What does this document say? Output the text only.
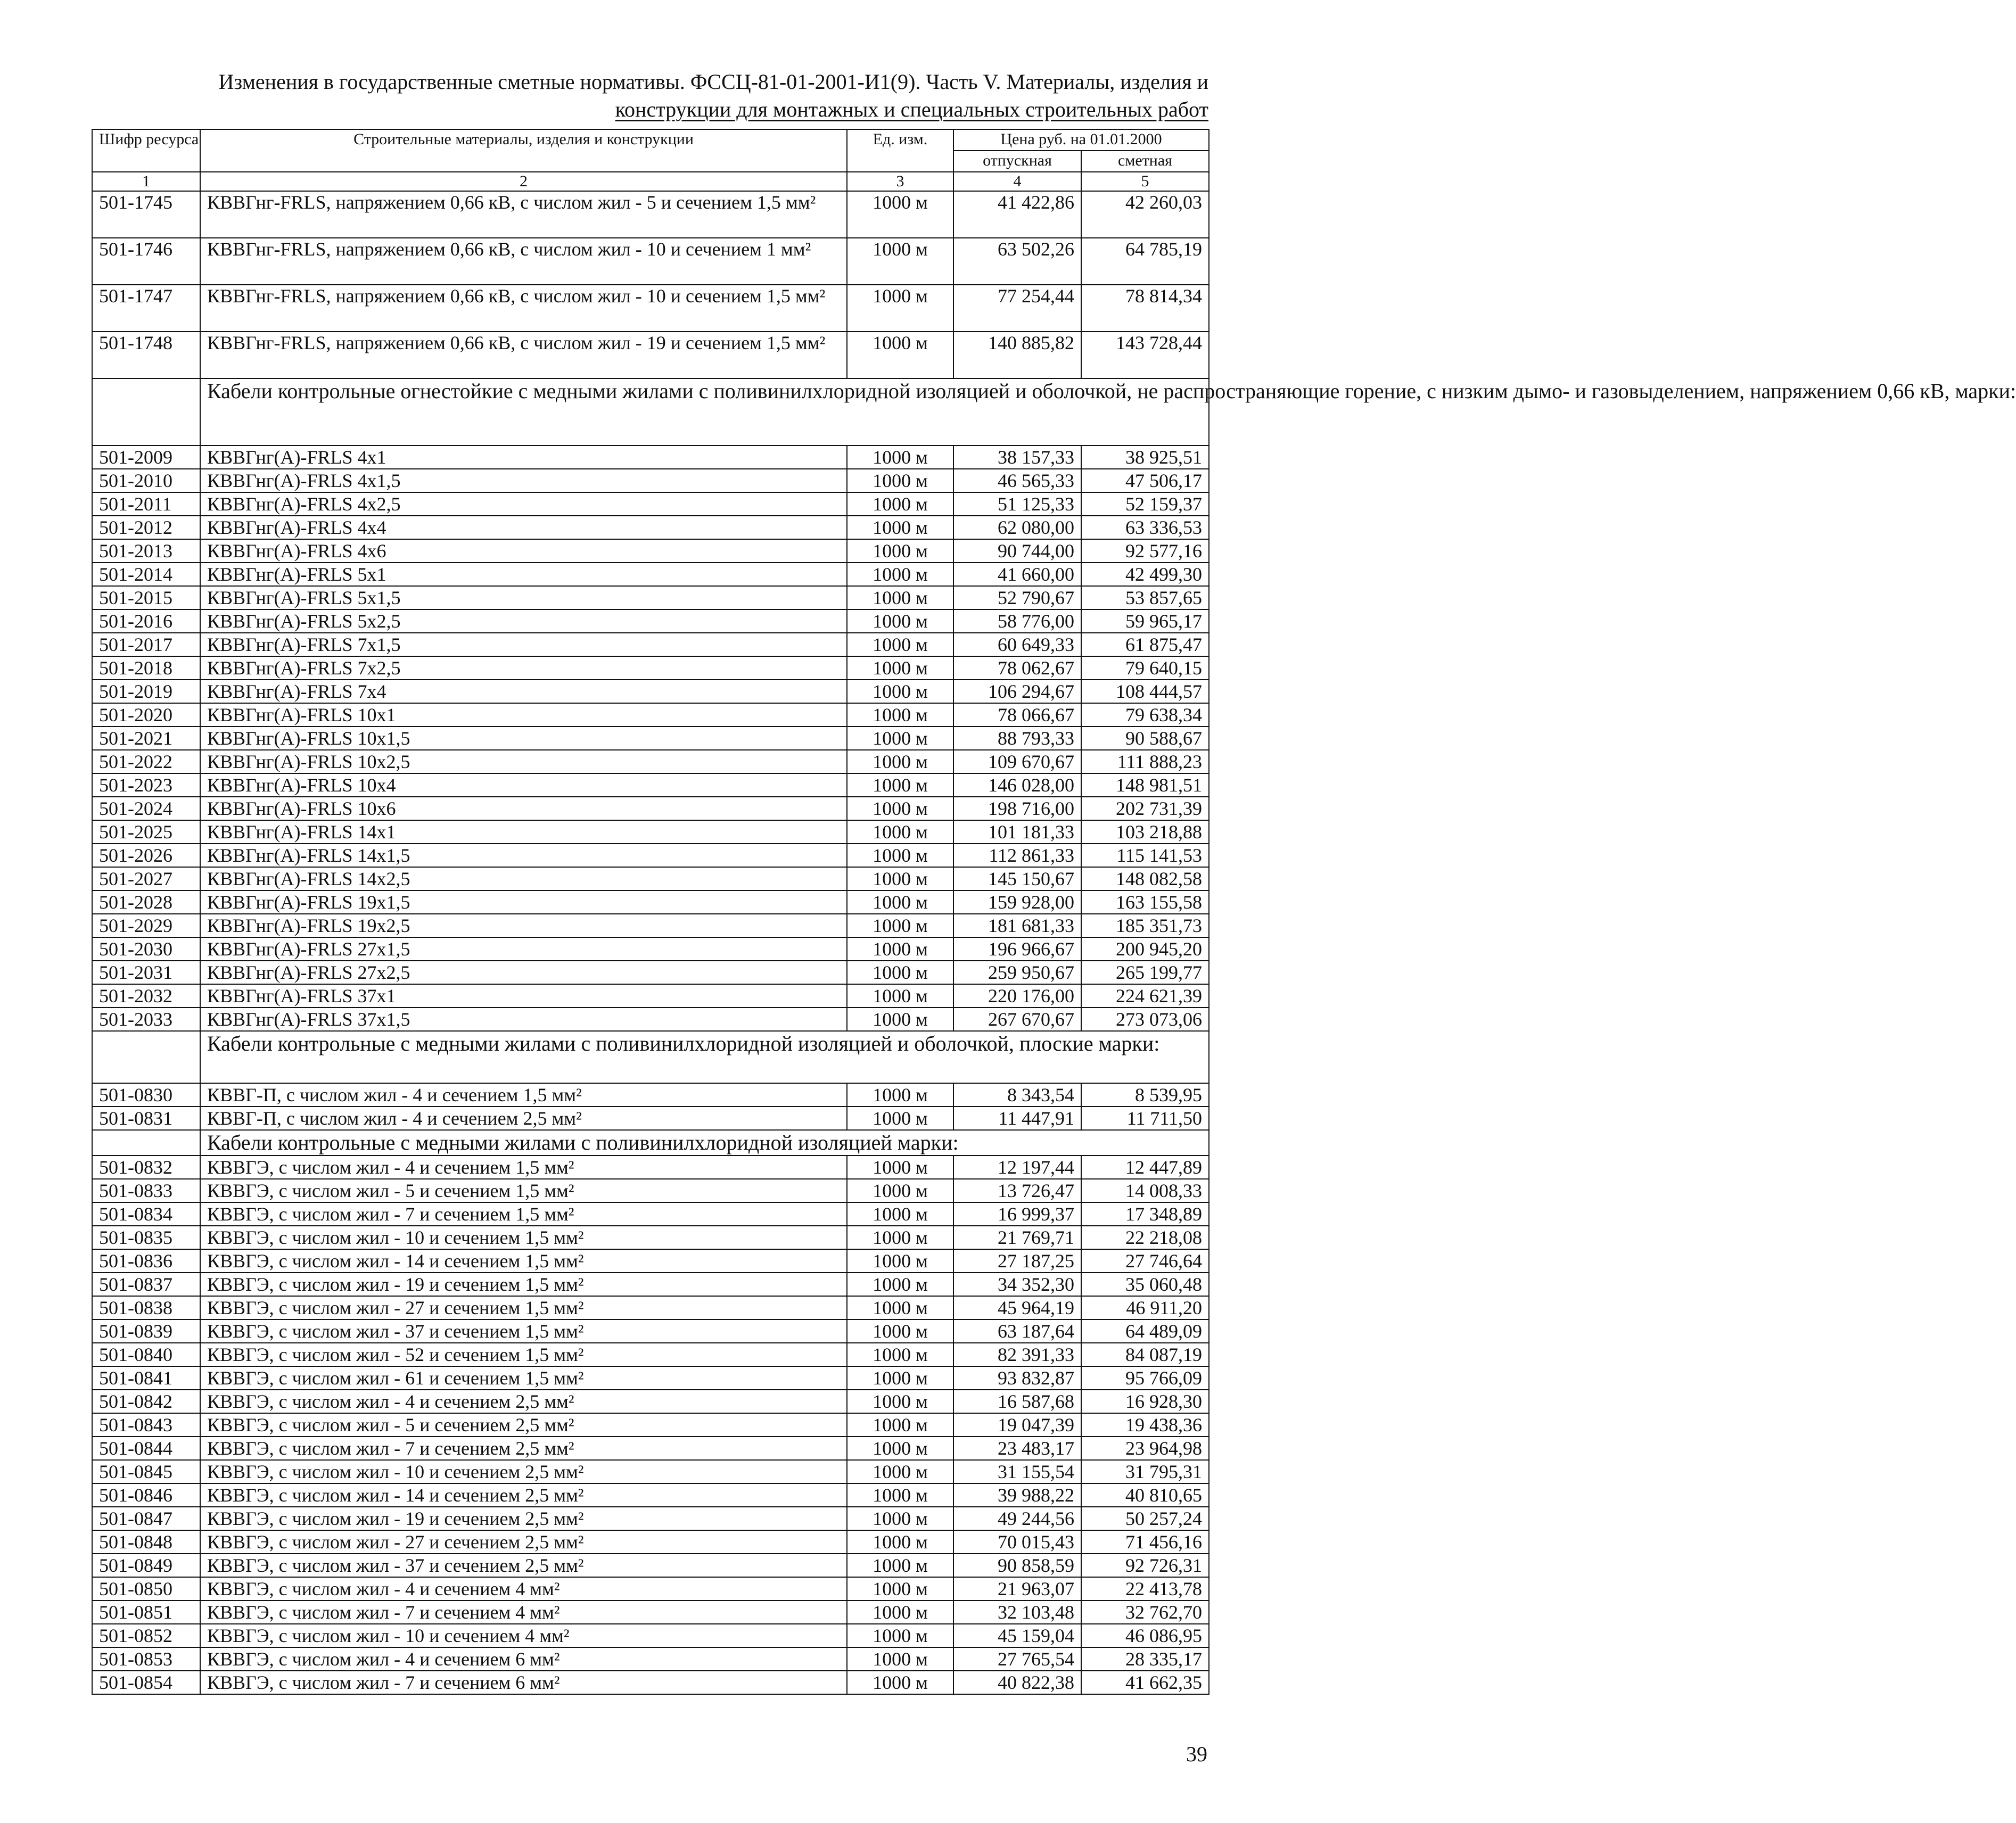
Изменения в государственные сметные нормативы. ФССЦ-81-01-2001-И1(9). Часть V. Материалы, изделия и
конструкции для монтажных и специальных строительных работ
Шифр ресурса	Строительные материалы, изделия и конструкции	Ед. изм.	Цена руб. на 01.01.2000	
			отпускная	сметная
1	2	3	4	5
501-1745	КВВГнг-FRLS, напряжением 0,66 кВ, с числом жил - 5 и сечением 1,5 мм²	1000 м	41 422,86	42 260,03
501-1746	КВВГнг-FRLS, напряжением 0,66 кВ, с числом жил - 10 и сечением 1 мм²	1000 м	63 502,26	64 785,19
501-1747	КВВГнг-FRLS, напряжением 0,66 кВ, с числом жил - 10 и сечением 1,5 мм²	1000 м	77 254,44	78 814,34
501-1748	КВВГнг-FRLS, напряжением 0,66 кВ, с числом жил - 19 и сечением 1,5 мм²	1000 м	140 885,82	143 728,44
	Кабели контрольные огнестойкие с медными жилами с поливинилхлоридной изоляцией и оболочкой, не распространяющие горение, с низким дымо- и газовыделением, напряжением 0,66 кВ, марки:			
501-2009	КВВГнг(А)-FRLS 4x1	1000 м	38 157,33	38 925,51
501-2010	КВВГнг(А)-FRLS 4x1,5	1000 м	46 565,33	47 506,17
501-2011	КВВГнг(А)-FRLS 4x2,5	1000 м	51 125,33	52 159,37
501-2012	КВВГнг(А)-FRLS 4x4	1000 м	62 080,00	63 336,53
501-2013	КВВГнг(А)-FRLS 4x6	1000 м	90 744,00	92 577,16
501-2014	КВВГнг(А)-FRLS 5x1	1000 м	41 660,00	42 499,30
501-2015	КВВГнг(А)-FRLS 5x1,5	1000 м	52 790,67	53 857,65
501-2016	КВВГнг(А)-FRLS 5x2,5	1000 м	58 776,00	59 965,17
501-2017	КВВГнг(А)-FRLS 7x1,5	1000 м	60 649,33	61 875,47
501-2018	КВВГнг(А)-FRLS 7x2,5	1000 м	78 062,67	79 640,15
501-2019	КВВГнг(А)-FRLS 7x4	1000 м	106 294,67	108 444,57
501-2020	КВВГнг(А)-FRLS 10x1	1000 м	78 066,67	79 638,34
501-2021	КВВГнг(А)-FRLS 10x1,5	1000 м	88 793,33	90 588,67
501-2022	КВВГнг(А)-FRLS 10x2,5	1000 м	109 670,67	111 888,23
501-2023	КВВГнг(А)-FRLS 10x4	1000 м	146 028,00	148 981,51
501-2024	КВВГнг(А)-FRLS 10x6	1000 м	198 716,00	202 731,39
501-2025	КВВГнг(А)-FRLS 14x1	1000 м	101 181,33	103 218,88
501-2026	КВВГнг(А)-FRLS 14x1,5	1000 м	112 861,33	115 141,53
501-2027	КВВГнг(А)-FRLS 14x2,5	1000 м	145 150,67	148 082,58
501-2028	КВВГнг(А)-FRLS 19x1,5	1000 м	159 928,00	163 155,58
501-2029	КВВГнг(А)-FRLS 19x2,5	1000 м	181 681,33	185 351,73
501-2030	КВВГнг(А)-FRLS 27x1,5	1000 м	196 966,67	200 945,20
501-2031	КВВГнг(А)-FRLS 27x2,5	1000 м	259 950,67	265 199,77
501-2032	КВВГнг(А)-FRLS 37x1	1000 м	220 176,00	224 621,39
501-2033	КВВГнг(А)-FRLS 37x1,5	1000 м	267 670,67	273 073,06
	Кабели контрольные с медными жилами с поливинилхлоридной изоляцией и оболочкой, плоские марки:			
501-0830	КВВГ-П, с числом жил - 4 и сечением 1,5 мм²	1000 м	8 343,54	8 539,95
501-0831	КВВГ-П, с числом жил - 4 и сечением 2,5 мм²	1000 м	11 447,91	11 711,50
	Кабели контрольные с медными жилами с поливинилхлоридной изоляцией марки:			
501-0832	КВВГЭ, с числом жил - 4 и сечением 1,5 мм²	1000 м	12 197,44	12 447,89
501-0833	КВВГЭ, с числом жил - 5 и сечением 1,5 мм²	1000 м	13 726,47	14 008,33
501-0834	КВВГЭ, с числом жил - 7 и сечением 1,5 мм²	1000 м	16 999,37	17 348,89
501-0835	КВВГЭ, с числом жил - 10 и сечением 1,5 мм²	1000 м	21 769,71	22 218,08
501-0836	КВВГЭ, с числом жил - 14 и сечением 1,5 мм²	1000 м	27 187,25	27 746,64
501-0837	КВВГЭ, с числом жил - 19 и сечением 1,5 мм²	1000 м	34 352,30	35 060,48
501-0838	КВВГЭ, с числом жил - 27 и сечением 1,5 мм²	1000 м	45 964,19	46 911,20
501-0839	КВВГЭ, с числом жил - 37 и сечением 1,5 мм²	1000 м	63 187,64	64 489,09
501-0840	КВВГЭ, с числом жил - 52 и сечением 1,5 мм²	1000 м	82 391,33	84 087,19
501-0841	КВВГЭ, с числом жил - 61 и сечением 1,5 мм²	1000 м	93 832,87	95 766,09
501-0842	КВВГЭ, с числом жил - 4 и сечением 2,5 мм²	1000 м	16 587,68	16 928,30
501-0843	КВВГЭ, с числом жил - 5 и сечением 2,5 мм²	1000 м	19 047,39	19 438,36
501-0844	КВВГЭ, с числом жил - 7 и сечением 2,5 мм²	1000 м	23 483,17	23 964,98
501-0845	КВВГЭ, с числом жил - 10 и сечением 2,5 мм²	1000 м	31 155,54	31 795,31
501-0846	КВВГЭ, с числом жил - 14 и сечением 2,5 мм²	1000 м	39 988,22	40 810,65
501-0847	КВВГЭ, с числом жил - 19 и сечением 2,5 мм²	1000 м	49 244,56	50 257,24
501-0848	КВВГЭ, с числом жил - 27 и сечением 2,5 мм²	1000 м	70 015,43	71 456,16
501-0849	КВВГЭ, с числом жил - 37 и сечением 2,5 мм²	1000 м	90 858,59	92 726,31
501-0850	КВВГЭ, с числом жил - 4 и сечением 4 мм²	1000 м	21 963,07	22 413,78
501-0851	КВВГЭ, с числом жил - 7 и сечением 4 мм²	1000 м	32 103,48	32 762,70
501-0852	КВВГЭ, с числом жил - 10 и сечением 4 мм²	1000 м	45 159,04	46 086,95
501-0853	КВВГЭ, с числом жил - 4 и сечением 6 мм²	1000 м	27 765,54	28 335,17
501-0854	КВВГЭ, с числом жил - 7 и сечением 6 мм²	1000 м	40 822,38	41 662,35
39
